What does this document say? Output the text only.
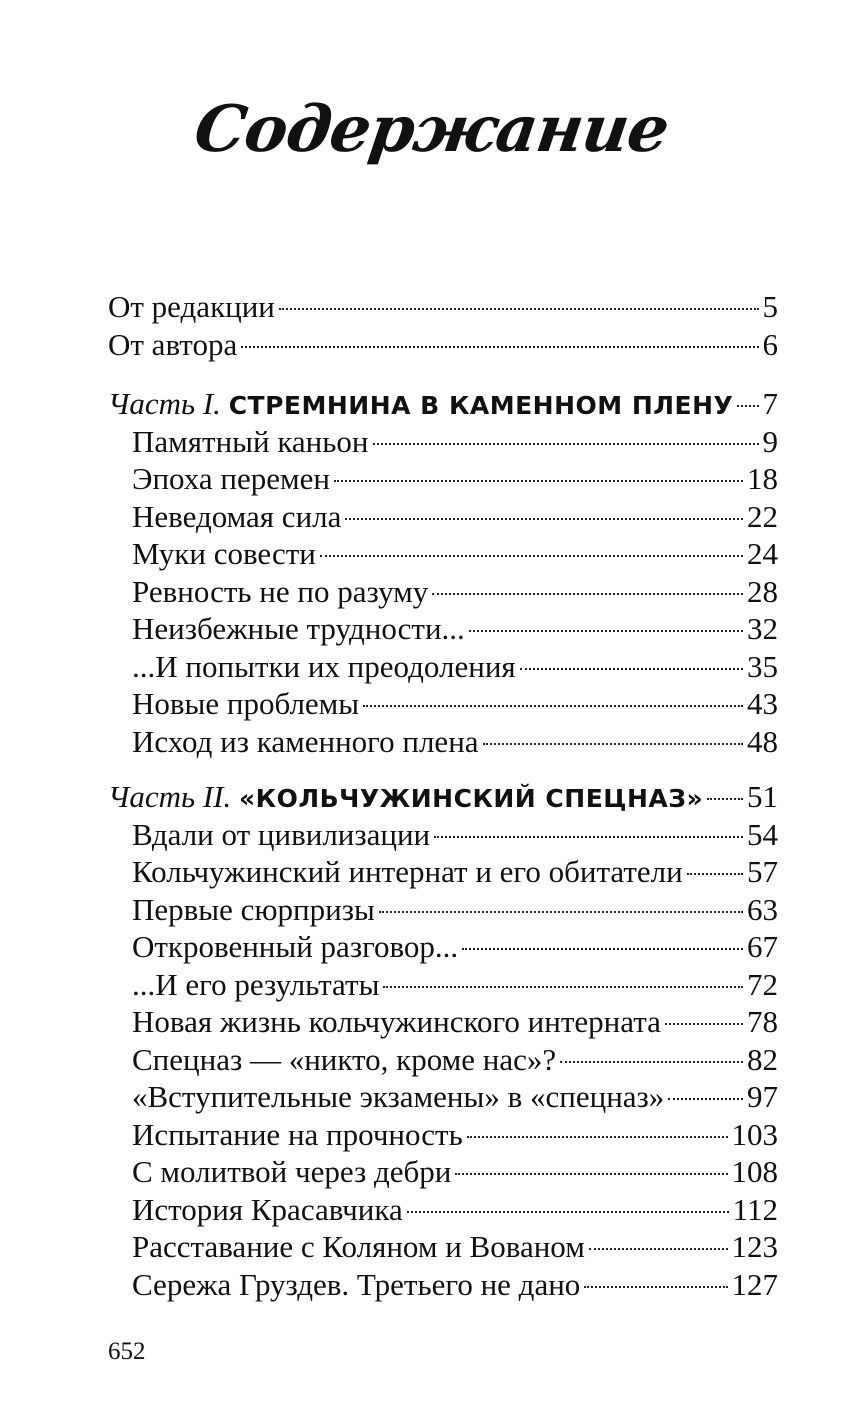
Содержание
От редакции	5
От автора	6
Часть I. СТРЕМНИНА В КАМЕННОМ ПЛЕНУ 7
Памятный каньон	9
Эпоха перемен	18
Неведомая сила	22
Муки совести	24
Ревность не по разуму	28
Неизбежные трудности...	32
...И попытки их преодоления	35
Новые проблемы	43
Исход из каменного плена	48
Часть II. «КОЛЬЧУЖИНСКИЙ СПЕЦНАЗ» 51
Вдали от цивилизации	54
Кольчужинский интернат и его обитатели 57
Первые сюрпризы	63
Откровенный разговор...	67
...И его результаты	72
Новая жизнь кольчужинского интерната	78
Спецназ — «никто, кроме нас»?	82
«Вступительные экзамены» в «спецназ»	97
Испытание на прочность	103
С молитвой через дебри	108
История Красавчика	112
Расставание с Коляном и Вованом	123
Сережа Груздев. Третьего не дано	127
652
